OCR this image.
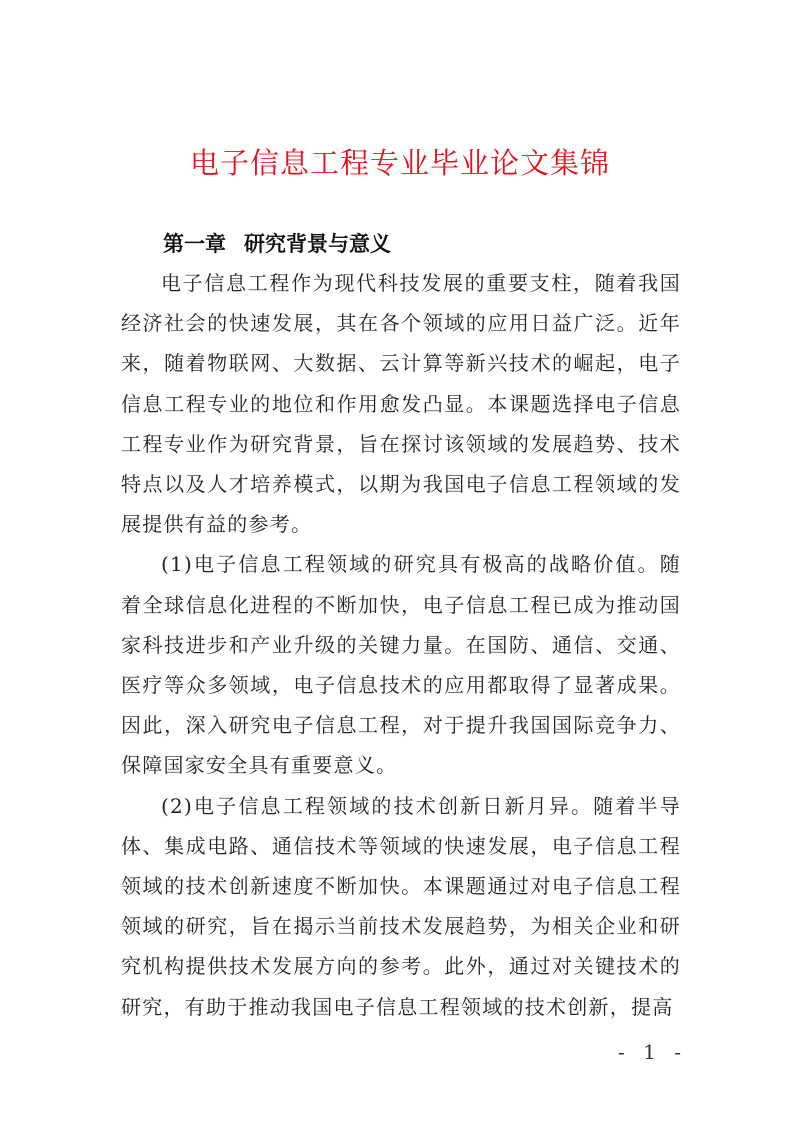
电子信息工程专业毕业论文集锦
第一章 研究背景与意义

电子信息工程作为现代科技发展的重要支柱，随着我国经济社会的快速发展，其在各个领域的应用日益广泛。近年来，随着物联网、大数据、云计算等新兴技术的崛起，电子信息工程专业的地位和作用愈发凸显。本课题选择电子信息工程专业作为研究背景，旨在探讨该领域的发展趋势、技术特点以及人才培养模式，以期为我国电子信息工程领域的发展提供有益的参考。

(1)电子信息工程领域的研究具有极高的战略价值。随着全球信息化进程的不断加快，电子信息工程已成为推动国家科技进步和产业升级的关键力量。在国防、通信、交通、医疗等众多领域，电子信息技术的应用都取得了显著成果。因此，深入研究电子信息工程，对于提升我国国际竞争力、保障国家安全具有重要意义。

(2)电子信息工程领域的技术创新日新月异。随着半导体、集成电路、通信技术等领域的快速发展，电子信息工程领域的技术创新速度不断加快。本课题通过对电子信息工程领域的研究，旨在揭示当前技术发展趋势，为相关企业和研究机构提供技术发展方向的参考。此外，通过对关键技术的研究，有助于推动我国电子信息工程领域的技术创新，提高

- 1 -
